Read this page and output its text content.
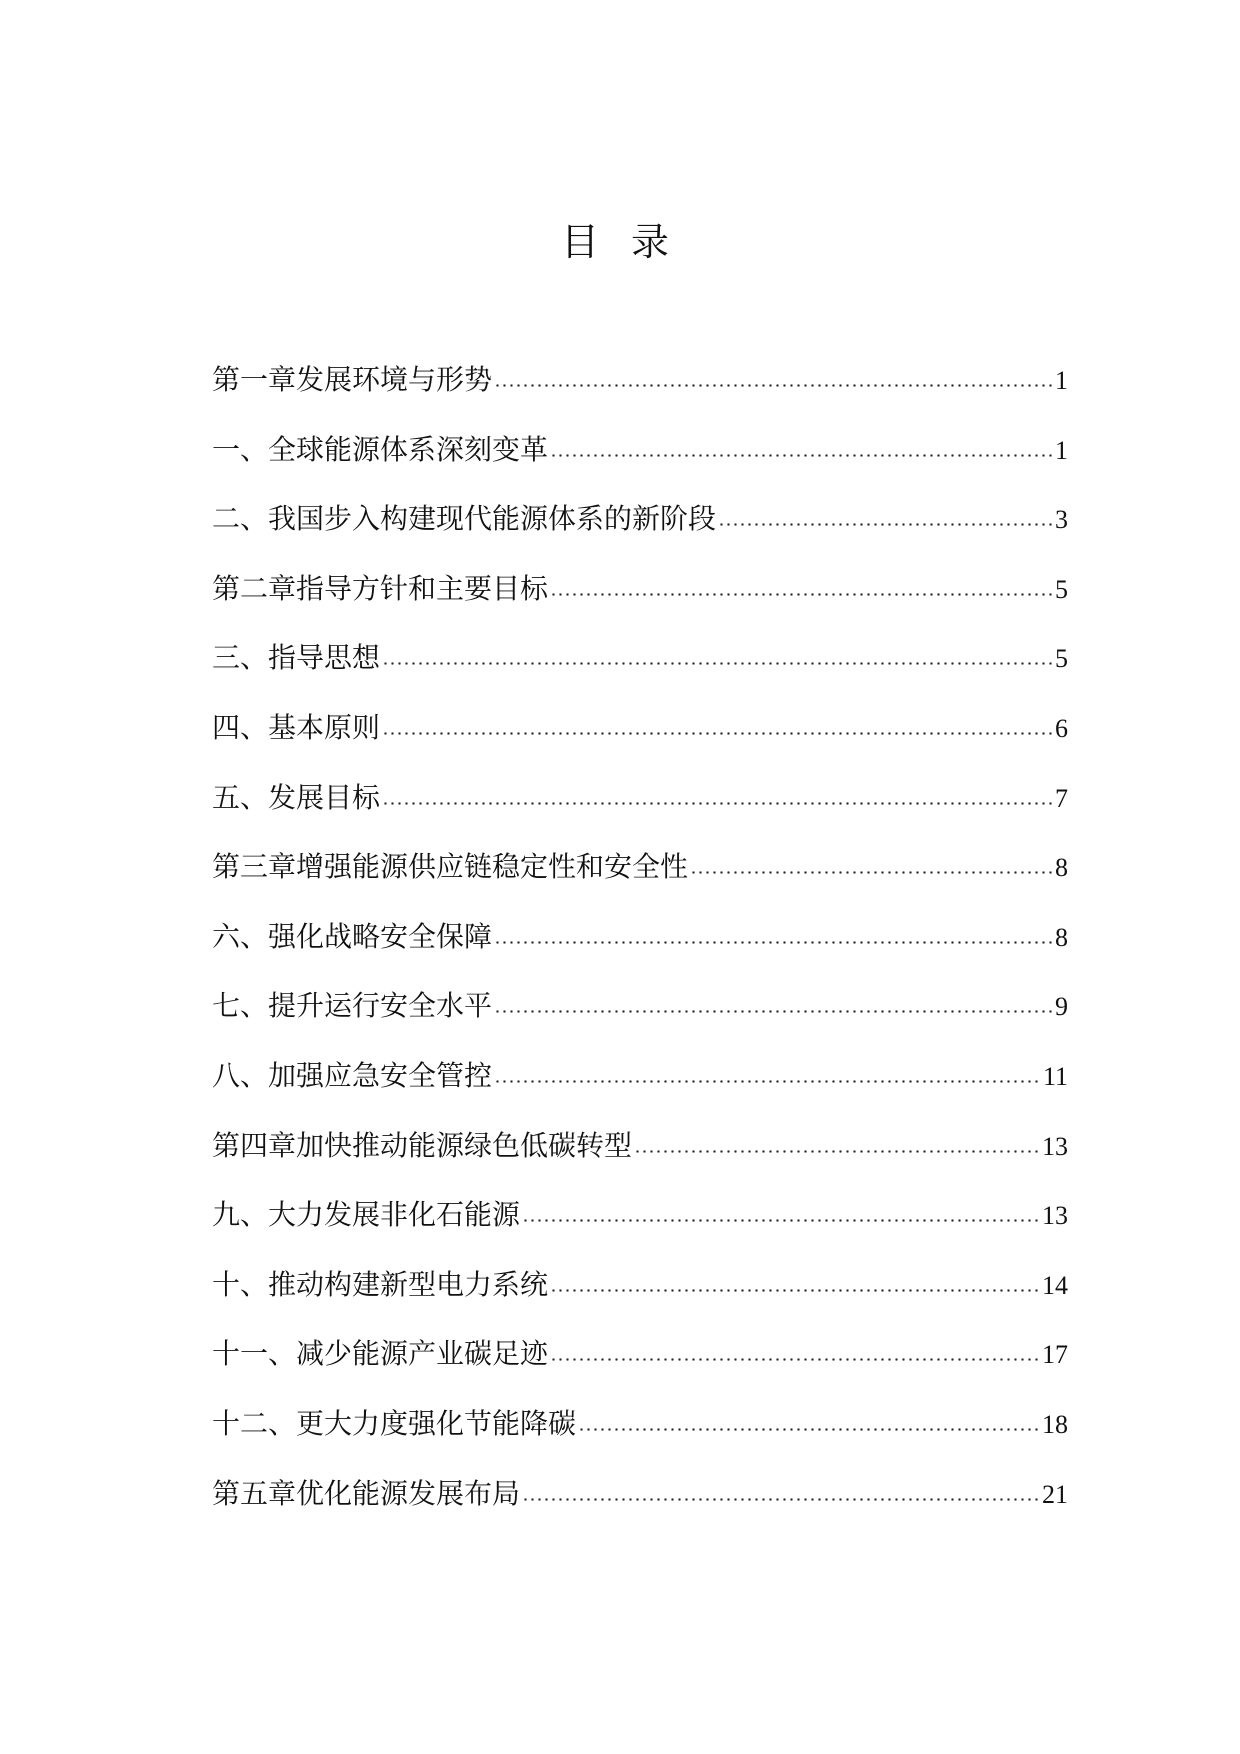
目 录
第一章发展环境与形势	1
一、全球能源体系深刻变革	1
二、我国步入构建现代能源体系的新阶段	3
第二章指导方针和主要目标	5
三、指导思想	5
四、基本原则	6
五、发展目标	7
第三章增强能源供应链稳定性和安全性	8
六、强化战略安全保障	8
七、提升运行安全水平	9
八、加强应急安全管控	11
第四章加快推动能源绿色低碳转型	13
九、大力发展非化石能源	13
十、推动构建新型电力系统	14
十一、减少能源产业碳足迹	17
十二、更大力度强化节能降碳	18
第五章优化能源发展布局	21
